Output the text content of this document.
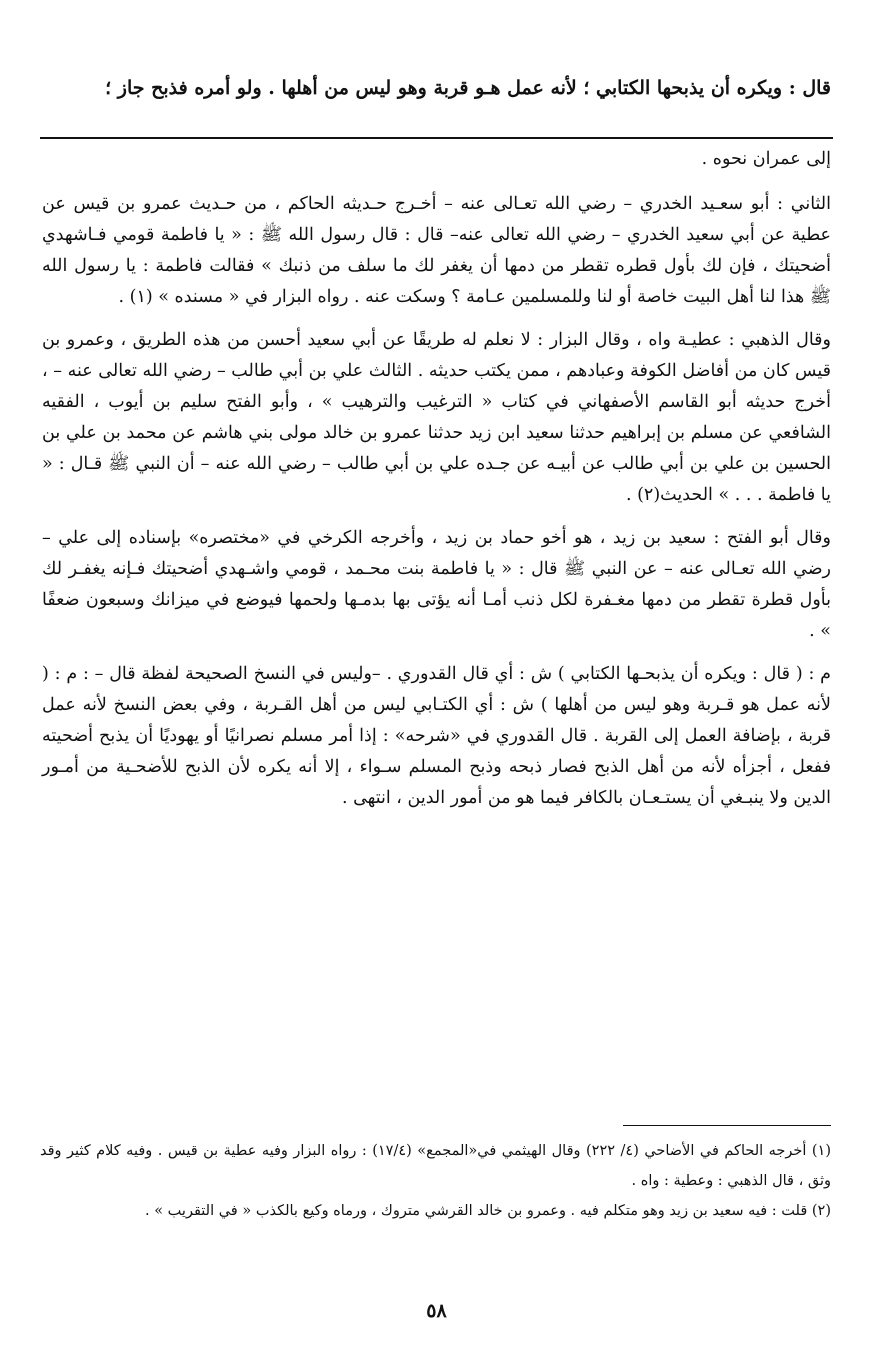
قال : ويكره أن يذبحها الكتابي ؛ لأنه عمل هـو قربة وهو ليس من أهلها . ولو أمره فذبح جاز ؛

إلى عمران نحوه .

الثاني : أبو سعـيد الخدري – رضي الله تعـالى عنه – أخـرج حـديثه الحاكم ، من حـديث عمرو بن قيس عن عطية عن أبي سعيد الخدري – رضي الله تعالى عنه– قال : قال رسول الله ﷺ : « يا فاطمة قومي فـاشهدي أضحيتك ، فإن لك بأول قطره تقطر من دمها أن يغفر لك ما سلف من ذنبك » فقالت فاطمة : يا رسول الله ﷺ هذا لنا أهل البيت خاصة أو لنا وللمسلمين عـامة ؟ وسكت عنه . رواه البزار في « مسنده » (١) .

وقال الذهبي : عطيـة واه ، وقال البزار : لا نعلم له طريقًا عن أبي سعيد أحسن من هذه الطريق ، وعمرو بن قيس كان من أفاضل الكوفة وعبادهم ، ممن يكتب حديثه . الثالث علي بن أبي طالب – رضي الله تعالى عنه – ، أخرج حديثه أبو القاسم الأصفهاني في كتاب « الترغيب والترهيب » ، وأبو الفتح سليم بن أيوب ، الفقيه الشافعي عن مسلم بن إبراهيم حدثنا سعيد ابن زيد حدثنا عمرو بن خالد مولى بني هاشم عن محمد بن علي بن الحسين بن علي بن أبي طالب عن أبيـه عن جـده علي بن أبي طالب – رضي الله عنه – أن النبي ﷺ قـال : « يا فاطمة . . . » الحديث(٢) .

وقال أبو الفتح : سعيد بن زيد ، هو أخو حماد بن زيد ، وأخرجه الكرخي في «مختصره» بإسناده إلى علي – رضي الله تعـالى عنه – عن النبي ﷺ قال : « يا فاطمة بنت محـمد ، قومي واشـهدي أضحيتك فـإنه يغفـر لك بأول قطرة تقطر من دمها مغـفرة لكل ذنب أمـا أنه يؤتى بها بدمـها ولحمها فيوضع في ميزانك وسبعون ضعفًا » .

م : ( قال : ويكره أن يذبحـها الكتابي ) ش : أي قال القدوري . –وليس في النسخ الصحيحة لفظة قال – : م : ( لأنه عمل هو قـربة وهو ليس من أهلها ) ش : أي الكتـابي ليس من أهل القـربة ، وفي بعض النسخ لأنه عمل قربة ، بإضافة العمل إلى القربة . قال القدوري في «شرحه» : إذا أمر مسلم نصرانيًا أو يهوديًا أن يذبح أضحيته ففعل ، أجزأه لأنه من أهل الذبح فصار ذبحه وذبح المسلم سـواء ، إلا أنه يكره لأن الذبح للأضحـية من أمـور الدين ولا ينبـغي أن يستـعـان بالكافر فيما هو من أمور الدين ، انتهى .

(١) أخرجه الحاكم في الأضاحي (٤/ ٢٢٢) وقال الهيثمي في«المجمع» (١٧/٤) : رواه البزار وفيه عطية بن قيس . وفيه كلام كثير وقد وثق ، قال الذهبي : وعطية : واه .

(٢) قلت : فيه سعيد بن زيد وهو متكلم فيه . وعمرو بن خالد القرشي متروك ، ورماه وكيع بالكذب « في التقريب » .

٥٨
